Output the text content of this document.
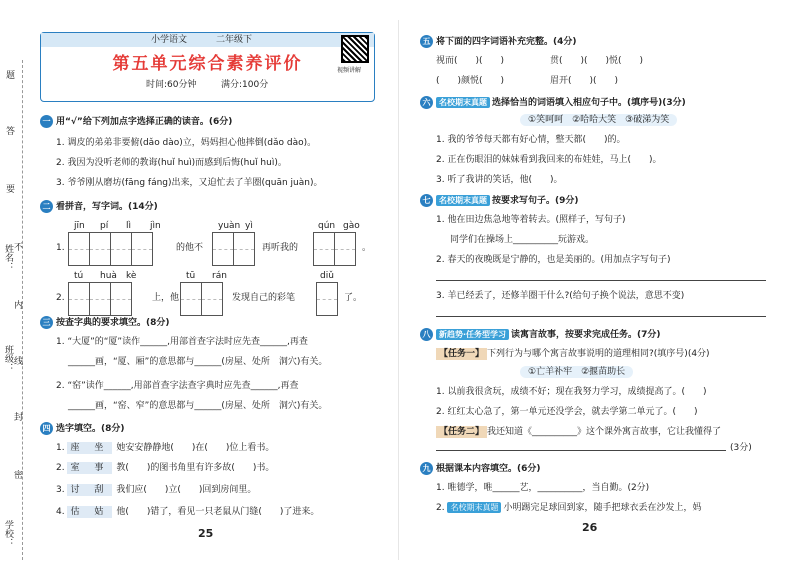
题
答
要
不
内
线
封
密
姓名：
班级：
学校：
小学语文	二年级下
第五单元综合素养评价
时间:60分钟	满分:100分
视频讲解
一 用“√”给下列加点字选择正确的读音。(6分)
1. 调皮的弟弟非要俯(dǎo dào)立，妈妈担心他摔倒(dǎo dào)。
2. 我因为没听老师的教诲(huǐ huì)而感到后悔(huǐ huì)。
3. 爷爷刚从磨坊(fāng fáng)出来，又迫忙去了羊圈(quān juàn)。
二 看拼音，写字词。(14分)
jīn pí lì jìn	yuàn yì	qún gào
1.	的他不	再听我的	。
tú huà kè	tū rán	diǔ
2.	上，他	发现自己的彩笔	了。
三 按查字典的要求填空。(8分)
1. “大厦”的“厦”读作______,用部首查字法时应先查______,再查
______画，“厦、厢”的意思都与______(房屋、处所　洞穴)有关。
2. “窑”读作______,用部首查字法查字典时应先查______,再查
______画，“窑、窄”的意思都与______(房屋、处所　洞穴)有关。
四 选字填空。(8分)
1. 座 坐 她安安静静地(　　)在(　　)位上看书。
2. 室 事 教(　　)的图书角里有许多故(　　)书。
3. 讨 刮 我们应(　　)立(　　)回到房间里。
4. 估 姑 他(　　)错了，看见一只老鼠从门缝(　　)了进来。
25
五 将下面的四字词语补充完整。(4分)
视而(　　)(　　)	贯(　　)(　　)悦(　　)
(　　)颜悦(　　)	眉开(　　)(　　)
六 名校期末真题 选择恰当的词语填入相应句子中。(填序号)(3分)
①笑呵呵　②哈哈大笑　③破涕为笑
1. 我的爷爷每天都有好心情，整天都(　　)的。
2. 正在伤眼泪的妹妹看到我回来的布娃娃，马上(　　)。
3. 听了我讲的笑话，他(　　)。
七 名校期末真题 按要求写句子。(9分)
1. 他在田边焦急地等着转去。(照样子，写句子)
同学们在操场上__________玩游戏。
2. 春天的夜晚既是宁静的，也是美丽的。(用加点字写句子)
3. 羊已经丢了，还修羊圈干什么?(给句子换个说法，意思不变)
八 新趋势·任务型学习 读寓言故事，按要求完成任务。(7分)
【任务一】 下列行为与哪个寓言故事说明的道理相同?(填序号)(4分)
①亡羊补牢　②揠苗助长
1. 以前我很贪玩，成绩不好；现在我努力学习，成绩提高了。(　　)
2. 红红太心急了，第一单元还没学会，就去学第二单元了。(　　)
【任务二】 我还知道《__________》这个课外寓言故事，它让我懂得了
(3分)
九 根据课本内容填空。(6分)
1. 唯德学，唯______艺，__________，当自勤。(2分)
2. 名校期末真题 小明踢完足球回到家，随手把球衣丢在沙发上，妈
26
